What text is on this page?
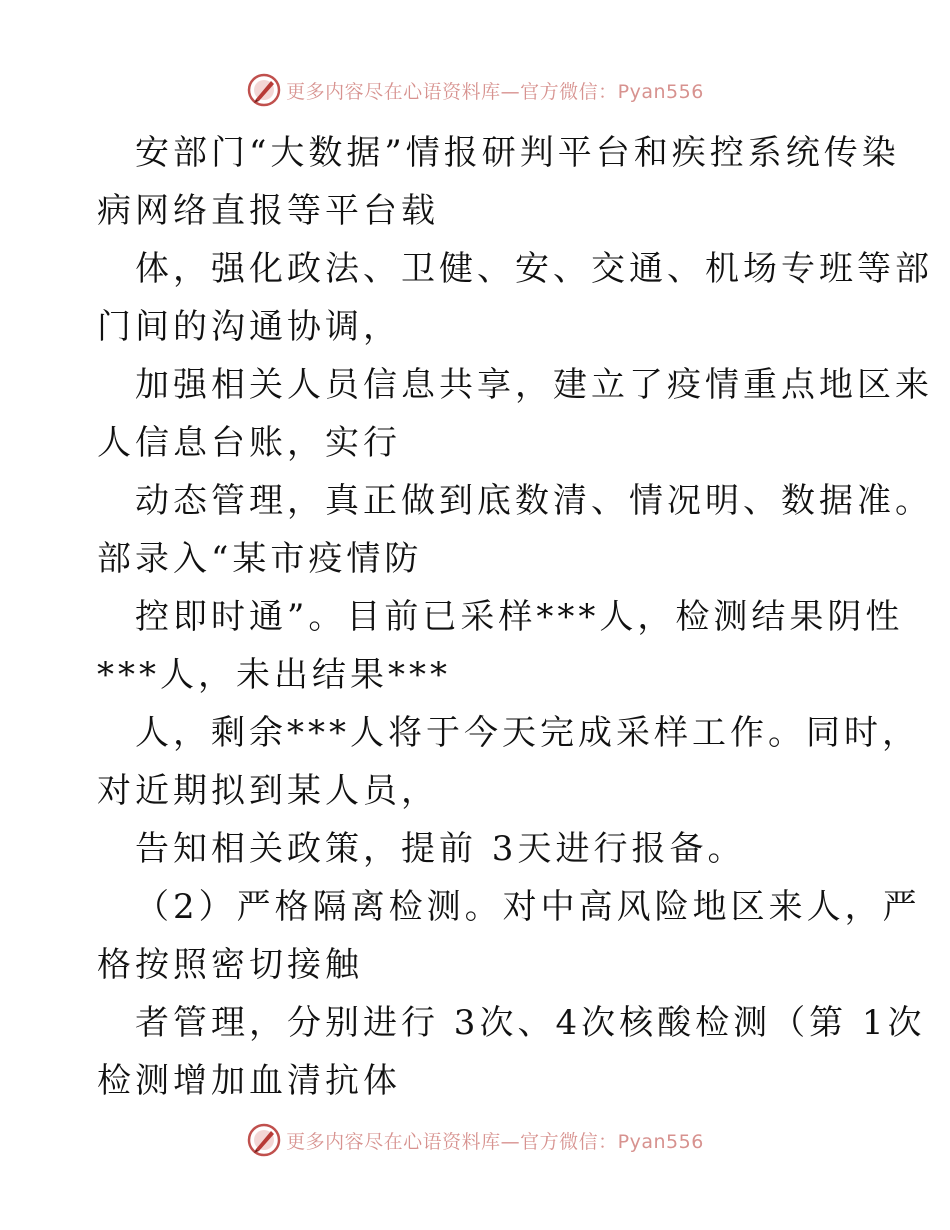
更多内容尽在心语资料库—官方微信：Pyan556

安部门“大数据”情报研判平台和疾控系统传染

病网络直报等平台载

体，强化政法、卫健、安、交通、机场专班等部

门间的沟通协调，

加强相关人员信息共享，建立了疫情重点地区来

人信息台账，实行

动态管理，真正做到底数清、情况明、数据准。

部录入“某市疫情防

控即时通”。目前已采样***人，检测结果阴性

***人，未出结果***

人，剩余***人将于今天完成采样工作。同时，

对近期拟到某人员，

告知相关政策，提前 3天进行报备。

（2）严格隔离检测。对中高风险地区来人，严

格按照密切接触

者管理，分别进行 3次、4次核酸检测（第 1次

检测增加血清抗体

更多内容尽在心语资料库—官方微信：Pyan556
